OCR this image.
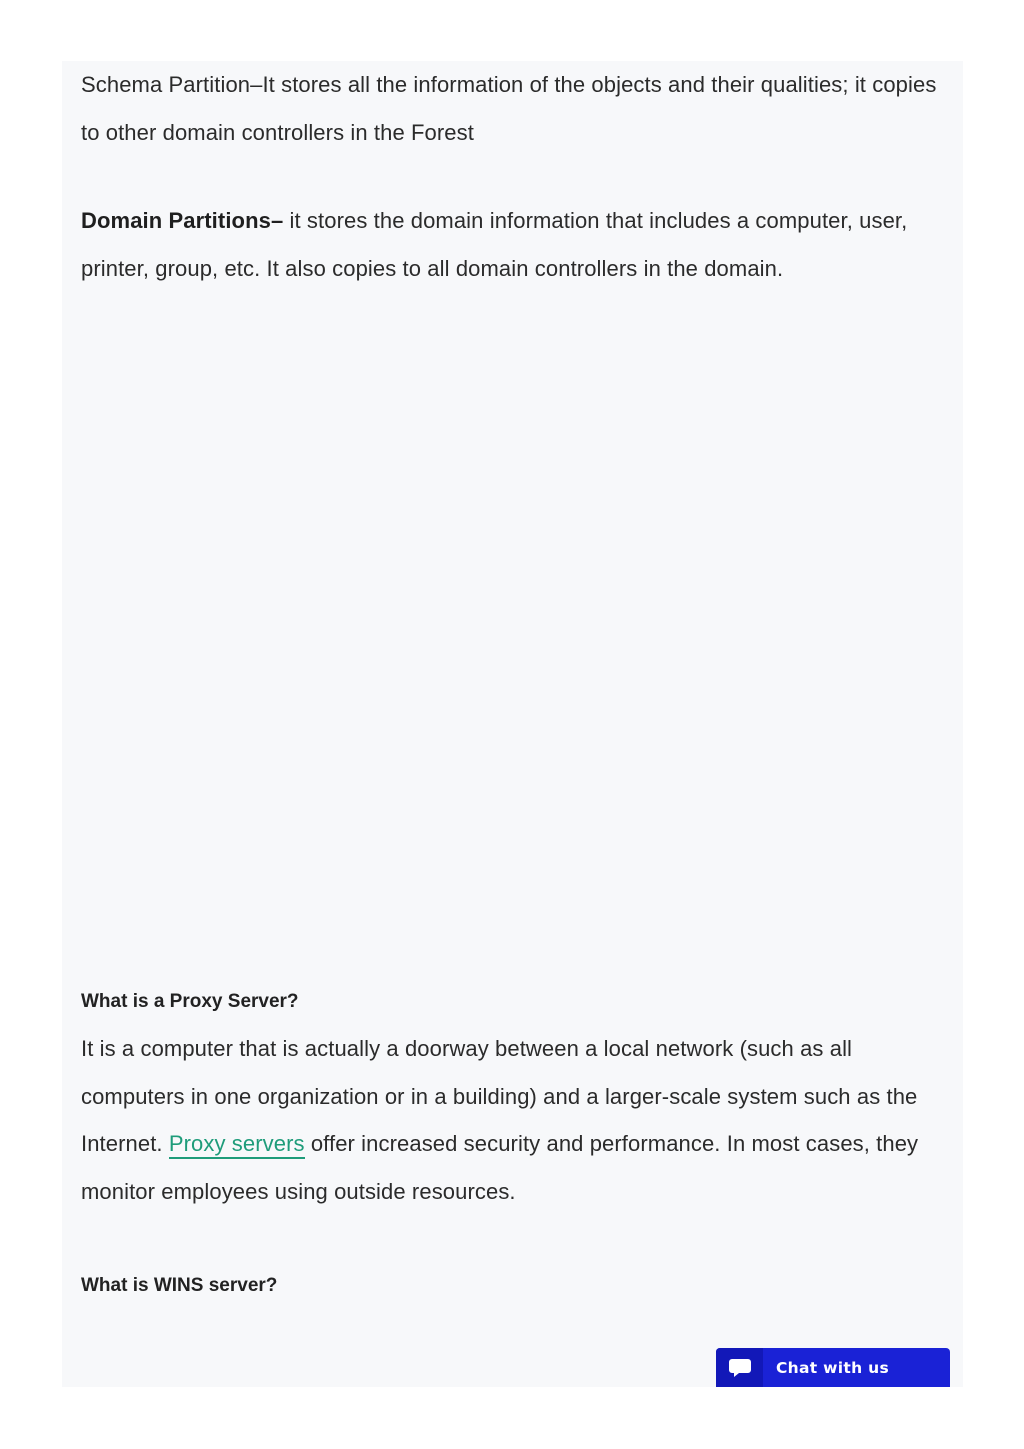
Schema Partition–It stores all the information of the objects and their qualities; it copies to other domain controllers in the Forest

Domain Partitions– it stores the domain information that includes a computer, user, printer, group, etc. It also copies to all domain controllers in the domain.

What is a Proxy Server?

It is a computer that is actually a doorway between a local network (such as all computers in one organization or in a building) and a larger-scale system such as the Internet. Proxy servers offer increased security and performance. In most cases, they monitor employees using outside resources.

What is WINS server?
Chat with us
